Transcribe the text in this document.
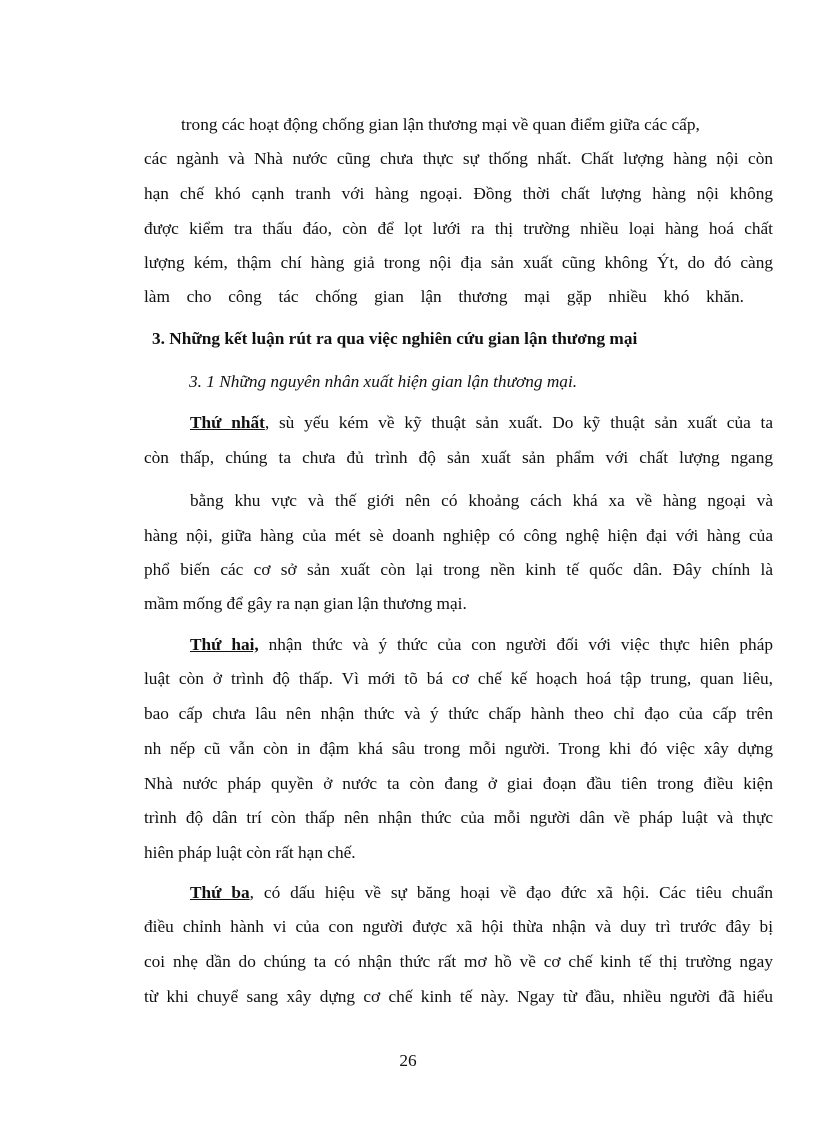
trong các hoạt động chống gian lận thương mại về quan điểm giữa các cấp,
các ngành và Nhà nước cũng chưa thực sự thống nhất. Chất lượng hàng nội còn
hạn chế khó cạnh tranh với hàng ngoại. Đồng thời chất lượng hàng nội không
được kiểm tra thấu đáo, còn để lọt lưới ra thị trường nhiều loại hàng hoá chất
lượng kém, thậm chí hàng giả trong nội địa sản xuất cũng không Ýt, do đó càng
làm cho công tác chống gian lận thương mại gặp nhiều khó khăn.
3. Những kết luận rút ra qua việc nghiên cứu gian lận thương mại
3. 1 Những nguyên nhân xuất hiện gian lận thương mại.
Thứ nhất, sù yếu kém về kỹ thuật sản xuất. Do kỹ thuật sản xuất của ta
còn thấp, chúng ta chưa đủ trình độ sản xuất sản phẩm với chất lượng ngang
bằng khu vực và thế giới nên có khoảng cách khá xa về hàng ngoại và
hàng nội, giữa hàng của mét sè doanh nghiệp có công nghệ hiện đại với hàng của
phổ biến các cơ sở sản xuất còn lại trong nền kinh tế quốc dân. Đây chính là
mầm mống để gây ra nạn gian lận thương mại.
Thứ hai, nhận thức và ý thức của con người đối với việc thực hiên pháp
luật còn ở trình độ thấp. Vì mới tõ bá cơ chế kế hoạch hoá tập trung, quan liêu,
bao cấp chưa lâu nên nhận thức và ý thức chấp hành theo chỉ đạo của cấp trên
nh nếp cũ vẫn còn in đậm khá sâu trong mỗi người. Trong khi đó việc xây dựng
Nhà nước pháp quyền ở nước ta còn đang ở giai đoạn đầu tiên trong điều kiện
trình độ dân trí còn thấp nên nhận thức của mỗi người dân về pháp luật và thực
hiên pháp luật còn rất hạn chế.
Thứ ba, có dấu hiệu về sự băng hoại về đạo đức xã hội. Các tiêu chuẩn
điều chỉnh hành vi của con người được xã hội thừa nhận và duy trì trước đây bị
coi nhẹ dần do chúng ta có nhận thức rất mơ hồ về cơ chế kinh tế thị trường ngay
từ khi chuyể sang xây dựng cơ chế kinh tế này. Ngay từ đầu, nhiều người đã hiểu
26
